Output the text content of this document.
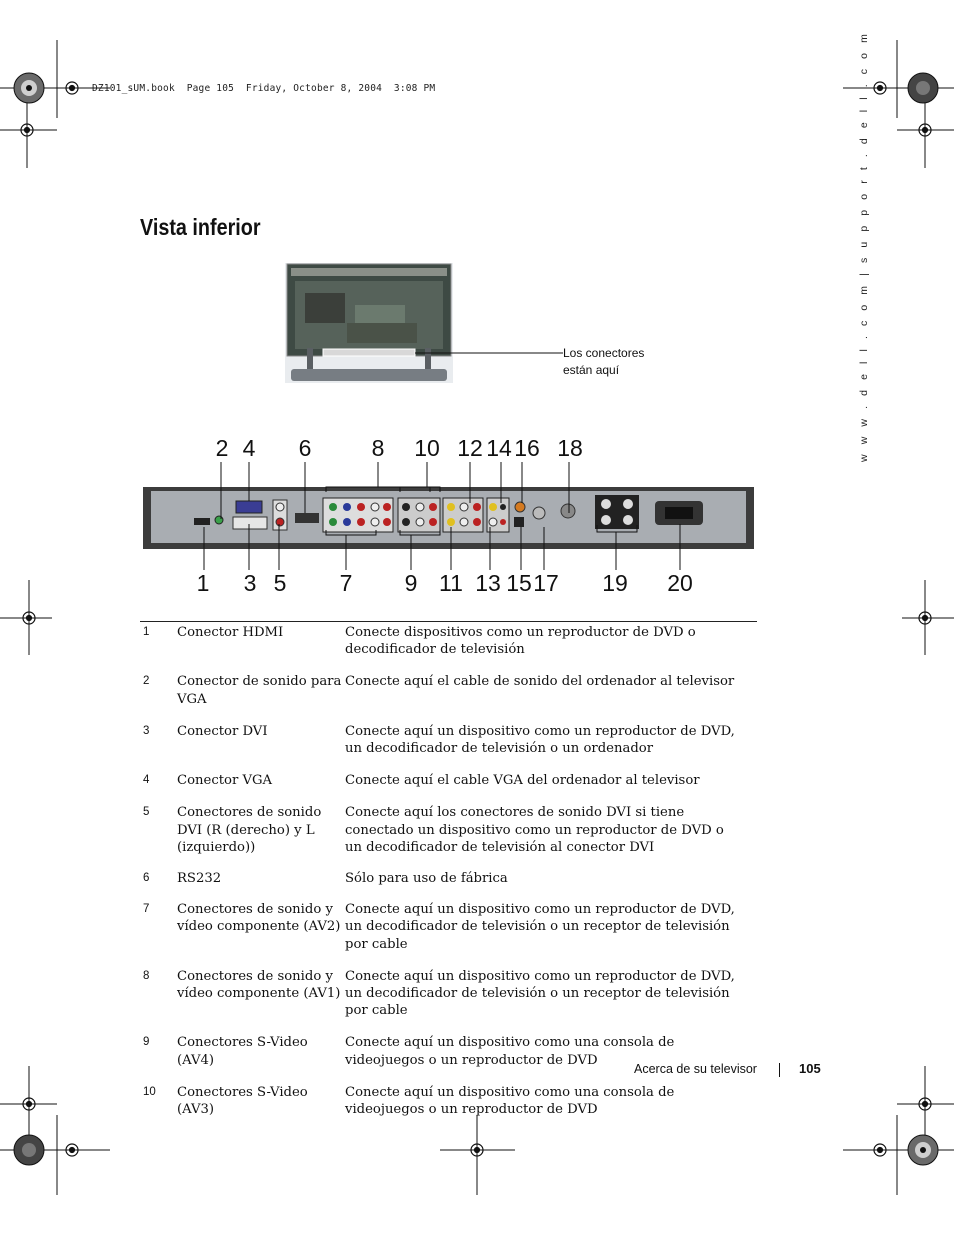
DZ101_sUM.book  Page 105  Friday, October 8, 2004  3:08 PM	w w w . d e l l . c o m | s u p p o r t . d e l l . c o m
Vista inferior
Los conectores
están aquí
2 4 6	8 10 12 14 16 18
1 3 5 7 9 11 13 15 17 19 20
1	Conector HDMI	Conecte dispositivos como un reproductor de DVD o decodificador de televisión
2	Conector de sonido para VGA	Conecte aquí el cable de sonido del ordenador al televisor
3	Conector DVI	Conecte aquí un dispositivo como un reproductor de DVD, un decodificador de televisión o un ordenador
4	Conector VGA	Conecte aquí el cable VGA del ordenador al televisor
5	Conectores de sonido DVI (R (derecho) y L (izquierdo))	Conecte aquí los conectores de sonido DVI si tiene conectado un dispositivo como un reproductor de DVD o un decodificador de televisión al conector DVI
6	RS232	Sólo para uso de fábrica
7	Conectores de sonido y vídeo componente (AV2)	Conecte aquí un dispositivo como un reproductor de DVD, un decodificador de televisión o un receptor de televisión por cable
8	Conectores de sonido y vídeo componente (AV1)	Conecte aquí un dispositivo como un reproductor de DVD, un decodificador de televisión o un receptor de televisión por cable
9	Conectores S-Video (AV4)	Conecte aquí un dispositivo como una consola de videojuegos o un reproductor de DVD
10	Conectores S-Video (AV3)	Conecte aquí un dispositivo como una consola de videojuegos o un reproductor de DVD
Acerca de su televisor	105
